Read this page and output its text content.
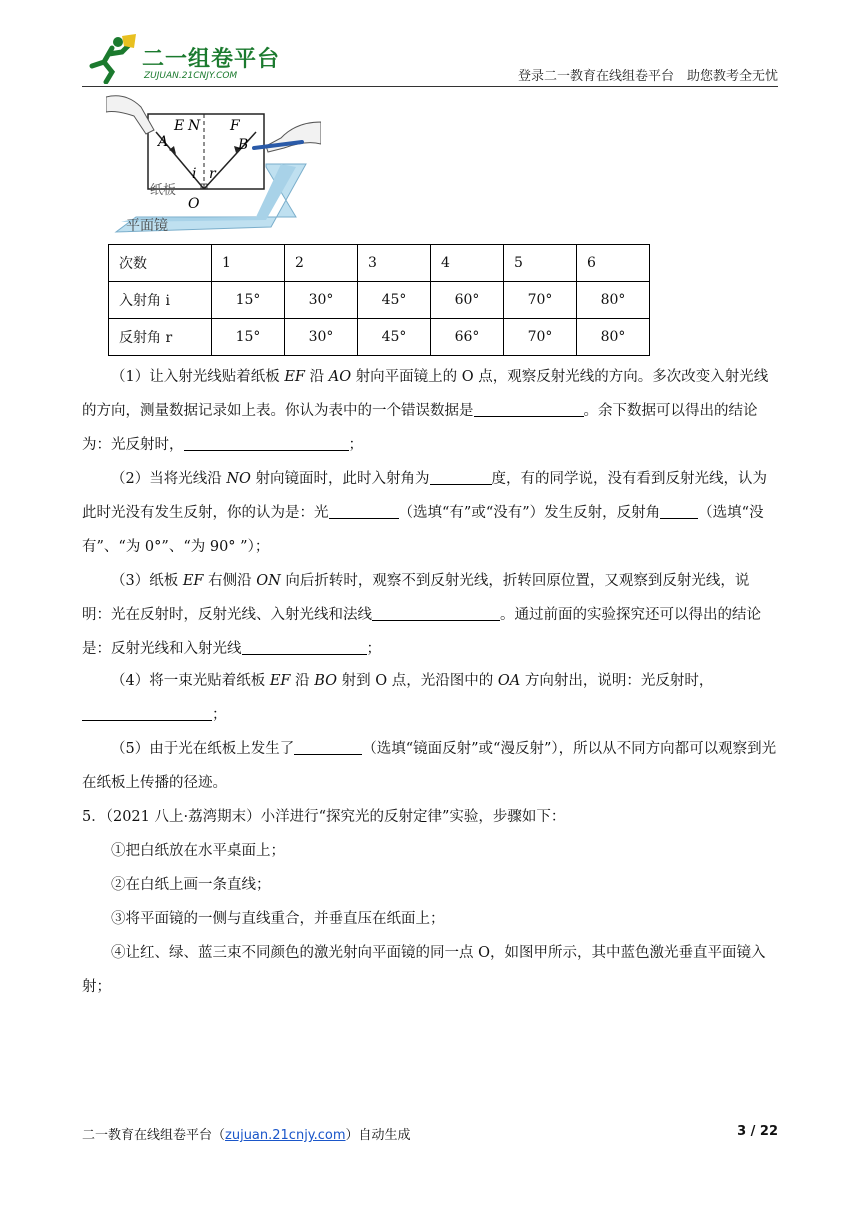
二一组卷平台
ZUJUAN.21CNJY.COM	登录二一教育在线组卷平台　助您教考全无忧
E N F
A	B
i r
O
纸板
平面镜
次数	1	2	3	4	5	6
入射角 i	15°	30°	45°	60°	70°	80°
反射角 r	15°	30°	45°	66°	70°	80°
（1）让入射光线贴着纸板 EF 沿 AO 射向平面镜上的 O 点，观察反射光线的方向。多次改变入射光线的方向，测量数据记录如上表。你认为表中的一个错误数据是	。余下数据可以得出的结论为：光反射时，	；
（2）当将光线沿 NO 射向镜面时，此时入射角为	度，有的同学说，没有看到反射光线，认为此时光没有发生反射，你的认为是：光	（选填“有”或“没有”）发生反射，反射角	（选填“没有”、“为 0°”、“为 90° ”）；
（3）纸板 EF 右侧沿 ON 向后折转时，观察不到反射光线，折转回原位置，又观察到反射光线，说明：光在反射时，反射光线、入射光线和法线	。通过前面的实验探究还可以得出的结论是：反射光线和入射光线	；
（4）将一束光贴着纸板 EF 沿 BO 射到 O 点，光沿图中的 OA 方向射出，说明：光反射时，；
（5）由于光在纸板上发生了	（选填“镜面反射”或“漫反射”），所以从不同方向都可以观察到光在纸板上传播的径迹。
5．（2021 八上·荔湾期末）小洋进行“探究光的反射定律”实验，步骤如下：
①把白纸放在水平桌面上；
②在白纸上画一条直线；
③将平面镜的一侧与直线重合，并垂直压在纸面上；
④让红、绿、蓝三束不同颜色的激光射向平面镜的同一点 O，如图甲所示，其中蓝色激光垂直平面镜入射；
二一教育在线组卷平台（zujuan.21cnjy.com）自动生成	3 / 22
